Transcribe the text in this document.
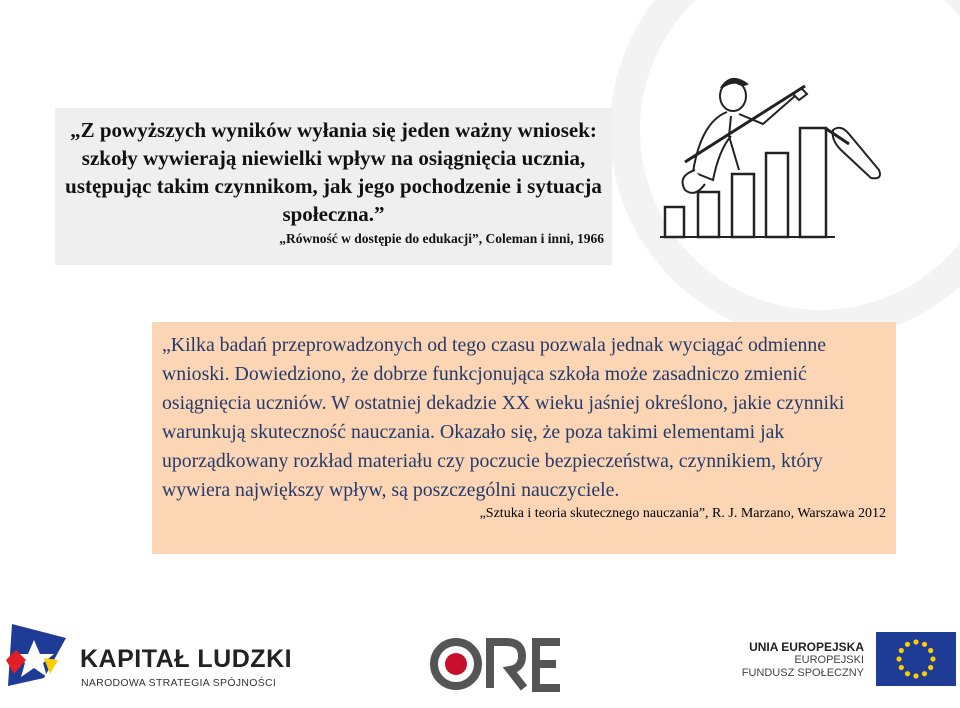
„Z powyższych wyników wyłania się jeden ważny wniosek: szkoły wywierają niewielki wpływ na osiągnięcia ucznia, ustępując takim czynnikom, jak jego pochodzenie i sytuacja społeczna.”

„Równość w dostępie do edukacji”, Coleman i inni, 1966

„Kilka badań przeprowadzonych od tego czasu pozwala jednak wyciągać odmienne wnioski. Dowiedziono, że dobrze funkcjonująca szkoła może zasadniczo zmienić osiągnięcia uczniów. W ostatniej dekadzie XX wieku jaśniej określono, jakie czynniki warunkują skuteczność nauczania. Okazało się, że poza takimi elementami jak uporządkowany rozkład materiału czy poczucie bezpieczeństwa, czynnikiem, który wywiera największy wpływ, są poszczególni nauczyciele.

„Sztuka i teoria skutecznego nauczania”, R. J. Marzano, Warszawa 2012
KAPITAŁ LUDZKI
NARODOWA STRATEGIA SPÓJNOŚCI
UNIA EUROPEJSKA
EUROPEJSKI
FUNDUSZ SPOŁECZNY
